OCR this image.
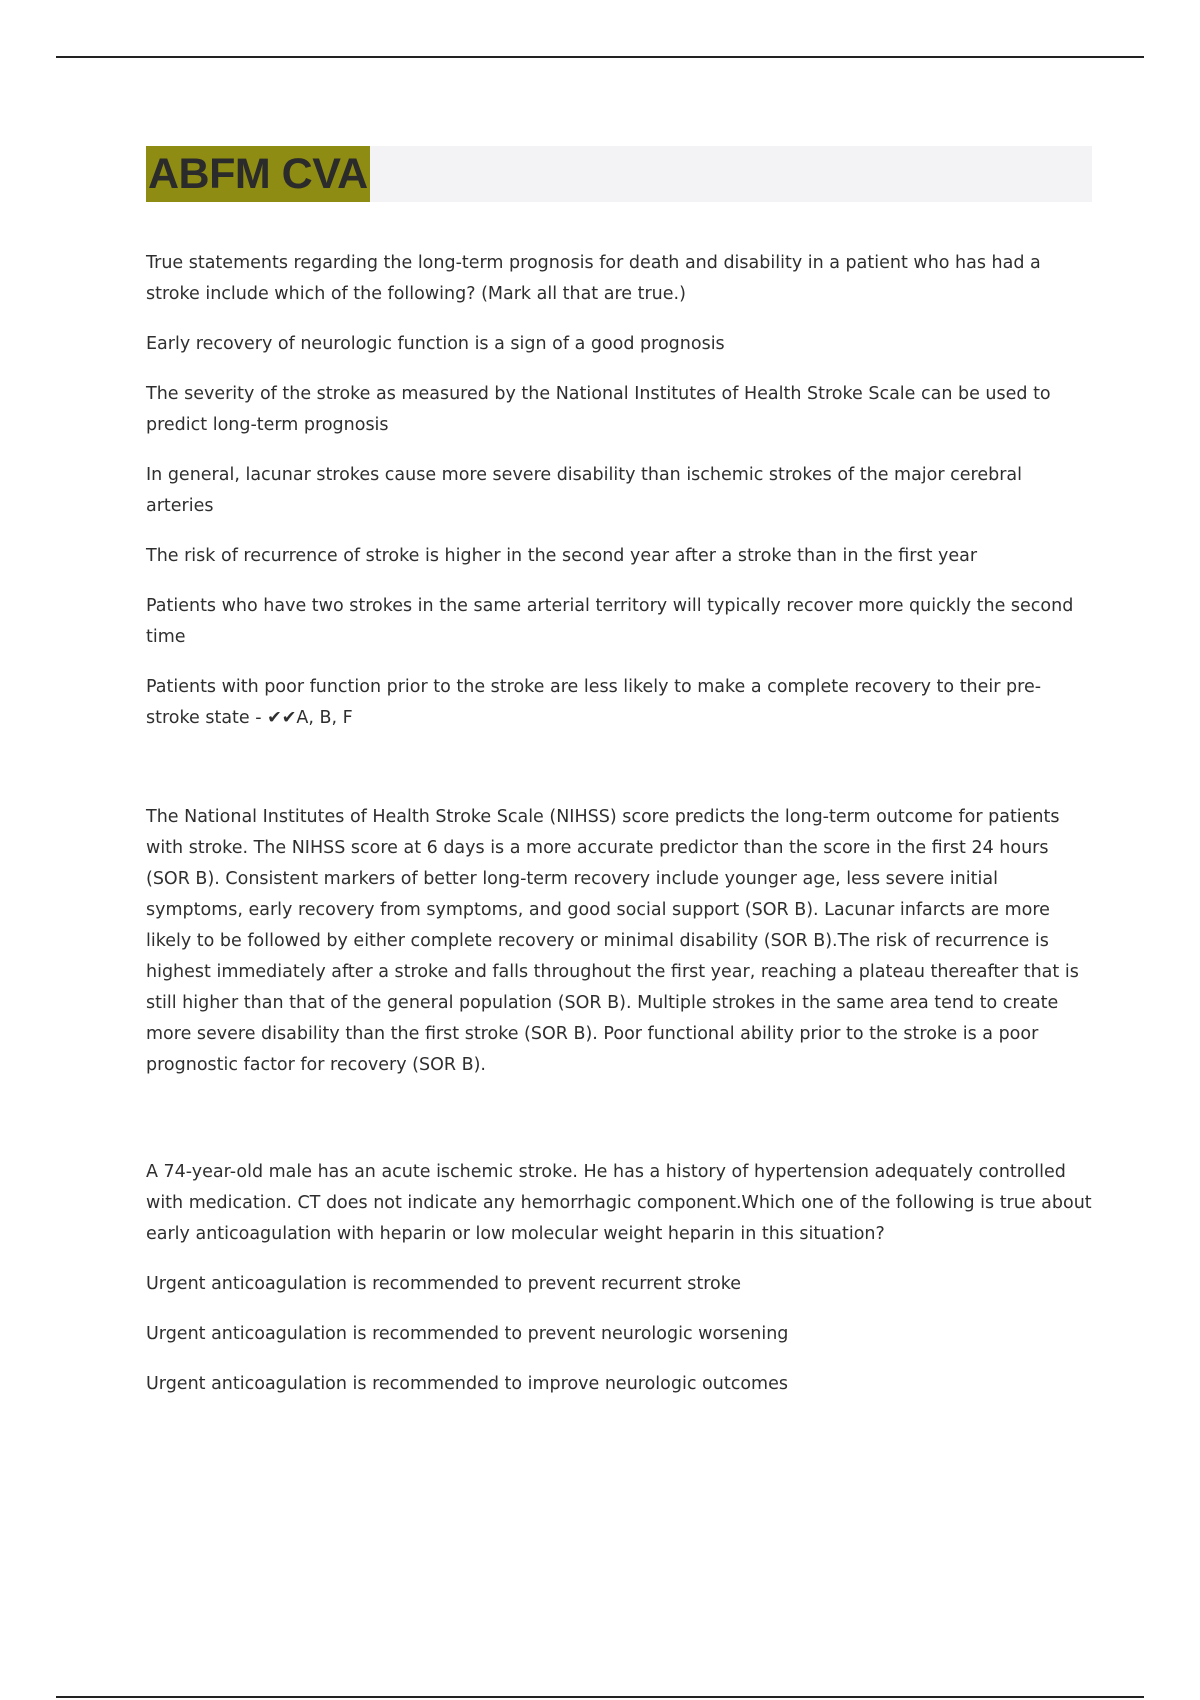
ABFM CVA

True statements regarding the long-term prognosis for death and disability in a patient who has had a stroke include which of the following? (Mark all that are true.)

Early recovery of neurologic function is a sign of a good prognosis

The severity of the stroke as measured by the National Institutes of Health Stroke Scale can be used to predict long-term prognosis

In general, lacunar strokes cause more severe disability than ischemic strokes of the major cerebral arteries

The risk of recurrence of stroke is higher in the second year after a stroke than in the first year

Patients who have two strokes in the same arterial territory will typically recover more quickly the second time

Patients with poor function prior to the stroke are less likely to make a complete recovery to their pre-stroke state - ✔✔A, B, F

The National Institutes of Health Stroke Scale (NIHSS) score predicts the long-term outcome for patients with stroke. The NIHSS score at 6 days is a more accurate predictor than the score in the first 24 hours (SOR B). Consistent markers of better long-term recovery include younger age, less severe initial symptoms, early recovery from symptoms, and good social support (SOR B). Lacunar infarcts are more likely to be followed by either complete recovery or minimal disability (SOR B).The risk of recurrence is highest immediately after a stroke and falls throughout the first year, reaching a plateau thereafter that is still higher than that of the general population (SOR B). Multiple strokes in the same area tend to create more severe disability than the first stroke (SOR B). Poor functional ability prior to the stroke is a poor prognostic factor for recovery (SOR B).

A 74-year-old male has an acute ischemic stroke. He has a history of hypertension adequately controlled with medication. CT does not indicate any hemorrhagic component.Which one of the following is true about early anticoagulation with heparin or low molecular weight heparin in this situation?

Urgent anticoagulation is recommended to prevent recurrent stroke

Urgent anticoagulation is recommended to prevent neurologic worsening

Urgent anticoagulation is recommended to improve neurologic outcomes
